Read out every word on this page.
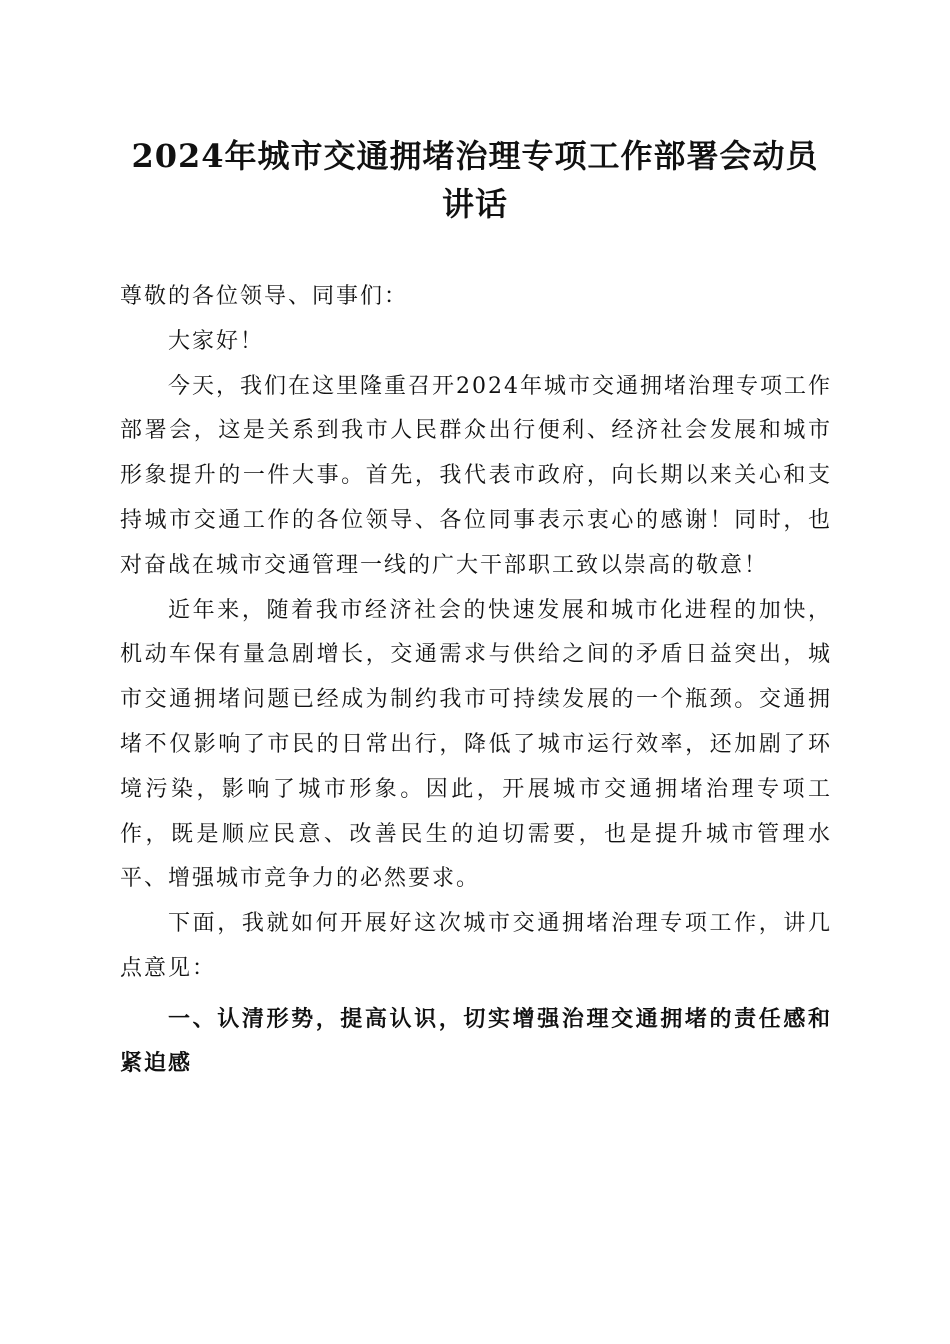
2024年城市交通拥堵治理专项工作部署会动员讲话

尊敬的各位领导、同事们：

大家好！

今天，我们在这里隆重召开2024年城市交通拥堵治理专项工作部署会，这是关系到我市人民群众出行便利、经济社会发展和城市形象提升的一件大事。首先，我代表市政府，向长期以来关心和支持城市交通工作的各位领导、各位同事表示衷心的感谢！同时，也对奋战在城市交通管理一线的广大干部职工致以崇高的敬意！

近年来，随着我市经济社会的快速发展和城市化进程的加快，机动车保有量急剧增长，交通需求与供给之间的矛盾日益突出，城市交通拥堵问题已经成为制约我市可持续发展的一个瓶颈。交通拥堵不仅影响了市民的日常出行，降低了城市运行效率，还加剧了环境污染，影响了城市形象。因此，开展城市交通拥堵治理专项工作，既是顺应民意、改善民生的迫切需要，也是提升城市管理水平、增强城市竞争力的必然要求。

下面，我就如何开展好这次城市交通拥堵治理专项工作，讲几点意见：

一、认清形势，提高认识，切实增强治理交通拥堵的责任感和紧迫感
